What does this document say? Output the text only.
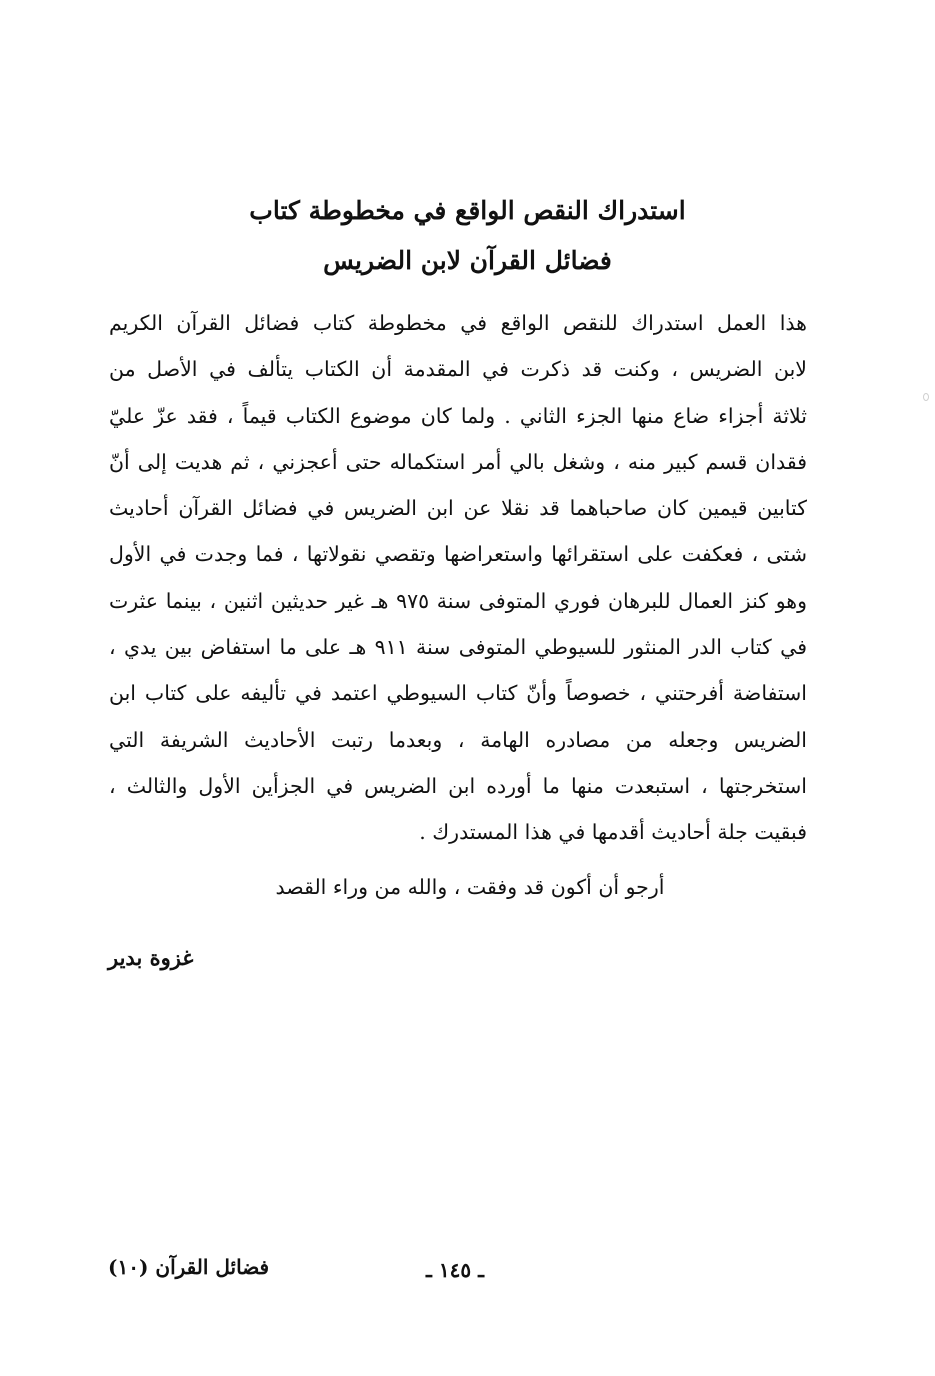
استدراك النقص الواقع في مخطوطة كتاب
فضائل القرآن لابن الضريس
هذا العمل استدراك للنقص الواقع في مخطوطة كتاب فضائل القرآن الكريم
لابن الضريس ، وكنت قد ذكرت في المقدمة أن الكتاب يتألف في الأصل من
ثلاثة أجزاء ضاع منها الجزء الثاني . ولما كان موضوع الكتاب قيماً ، فقد عزّ عليّ
فقدان قسم كبير منه ، وشغل بالي أمر استكماله حتى أعجزني ، ثم هديت إلى أنّ
كتابين قيمين كان صاحباهما قد نقلا عن ابن الضريس في فضائل القرآن أحاديث
شتى ، فعكفت على استقرائها واستعراضها وتقصي نقولاتها ، فما وجدت في الأول
وهو كنز العمال للبرهان فوري المتوفى سنة ٩٧٥ هـ غير حديثين اثنين ، بينما عثرت
في كتاب الدر المنثور للسيوطي المتوفى سنة ٩١١ هـ على ما استفاض بين يدي ،
استفاضة أفرحتني ، خصوصاً وأنّ كتاب السيوطي اعتمد في تأليفه على كتاب ابن
الضريس وجعله من مصادره الهامة ، وبعدما رتبت الأحاديث الشريفة التي
استخرجتها ، استبعدت منها ما أورده ابن الضريس في الجزأين الأول والثالث ،
فبقيت جلة أحاديث أقدمها في هذا المستدرك .
أرجو أن أكون قد وفقت ، والله من وراء القصد
غزوة بدير
ـ ١٤٥ ـ
فضائل القرآن (١٠)
